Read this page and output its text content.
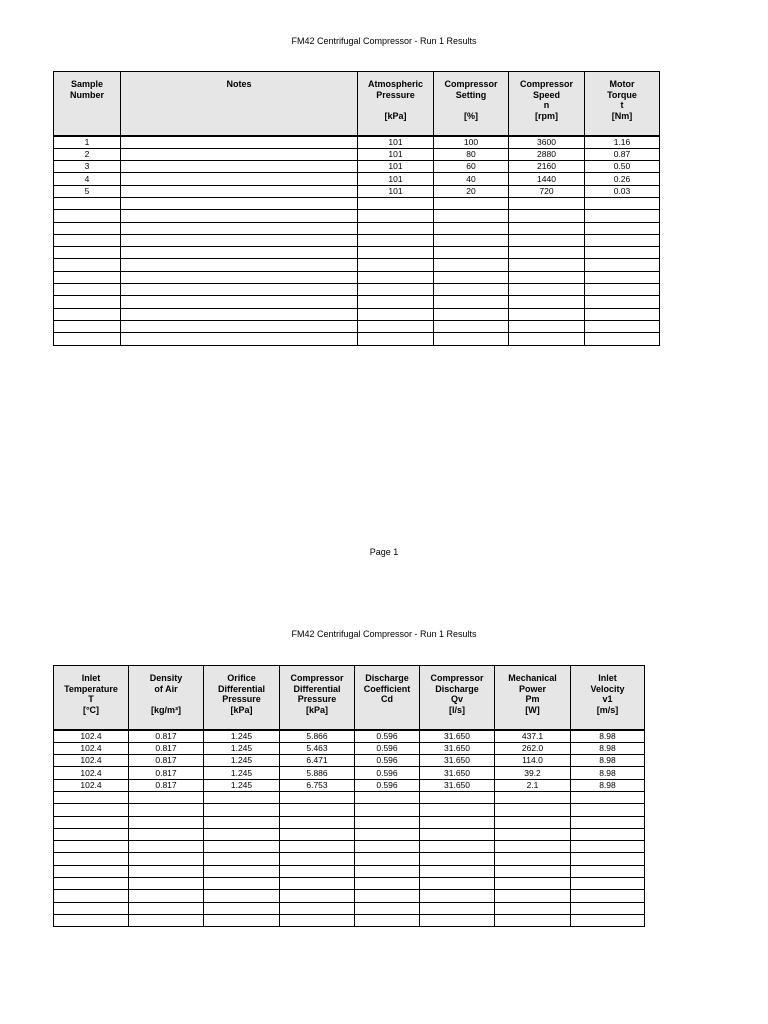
FM42 Centrifugal Compressor - Run 1 Results
Sample
Number	Notes	Atmospheric
Pressure
[kPa]	Compressor
Setting
[%]	Compressor
Speed
n
[rpm]	Motor
Torque
t
[Nm]

1		101	100	3600	1.16
2		101	80	2880	0.87
3		101	60	2160	0.50
4		101	40	1440	0.26
5		101	20	720	0.03

Page 1
FM42 Centrifugal Compressor - Run 1 Results
Inlet
Temperature
T
[°C]	Density
of Air
[kg/m³]	Orifice
Differential
Pressure
[kPa]	Compressor
Differential
Pressure
[kPa]	Discharge
Coefficient
Cd	Compressor
Discharge
Qv
[l/s]	Mechanical
Power
Pm
[W]	Inlet
Velocity
v1
[m/s]

102.4	0.817	1.245	5.866	0.596	31.650	437.1	8.98
102.4	0.817	1.245	5.463	0.596	31.650	262.0	8.98
102.4	0.817	1.245	6.471	0.596	31.650	114.0	8.98
102.4	0.817	1.245	5.886	0.596	31.650	39.2	8.98
102.4	0.817	1.245	6.753	0.596	31.650	2.1	8.98
